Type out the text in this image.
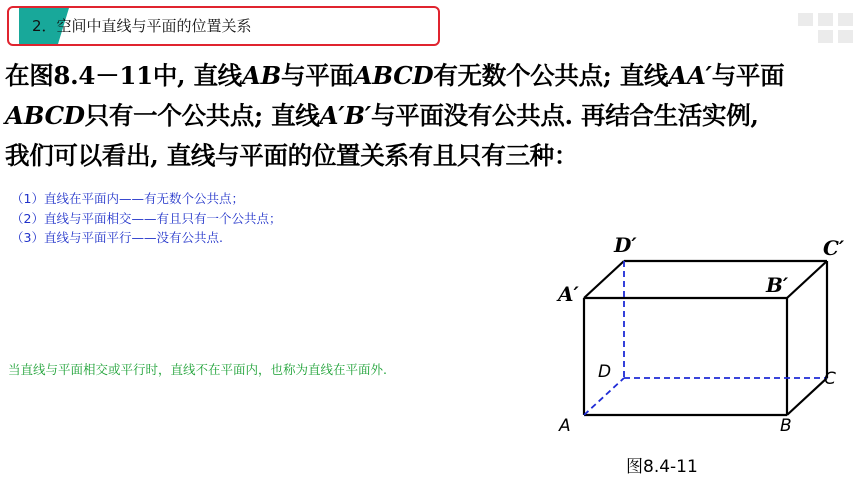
2．空间中直线与平面的位置关系
在图8.4－11中, 直线AB与平面ABCD有无数个公共点; 直线AA′与平面
ABCD只有一个公共点; 直线A′B′与平面没有公共点. 再结合生活实例,
我们可以看出, 直线与平面的位置关系有且只有三种：
（1）直线在平面内——有无数个公共点；
（2）直线与平面相交——有且只有一个公共点；
（3）直线与平面平行——没有公共点.
当直线与平面相交或平行时，直线不在平面内，也称为直线在平面外.
D′	C′
A′	B′
D	C
A	B
图8.4-11
